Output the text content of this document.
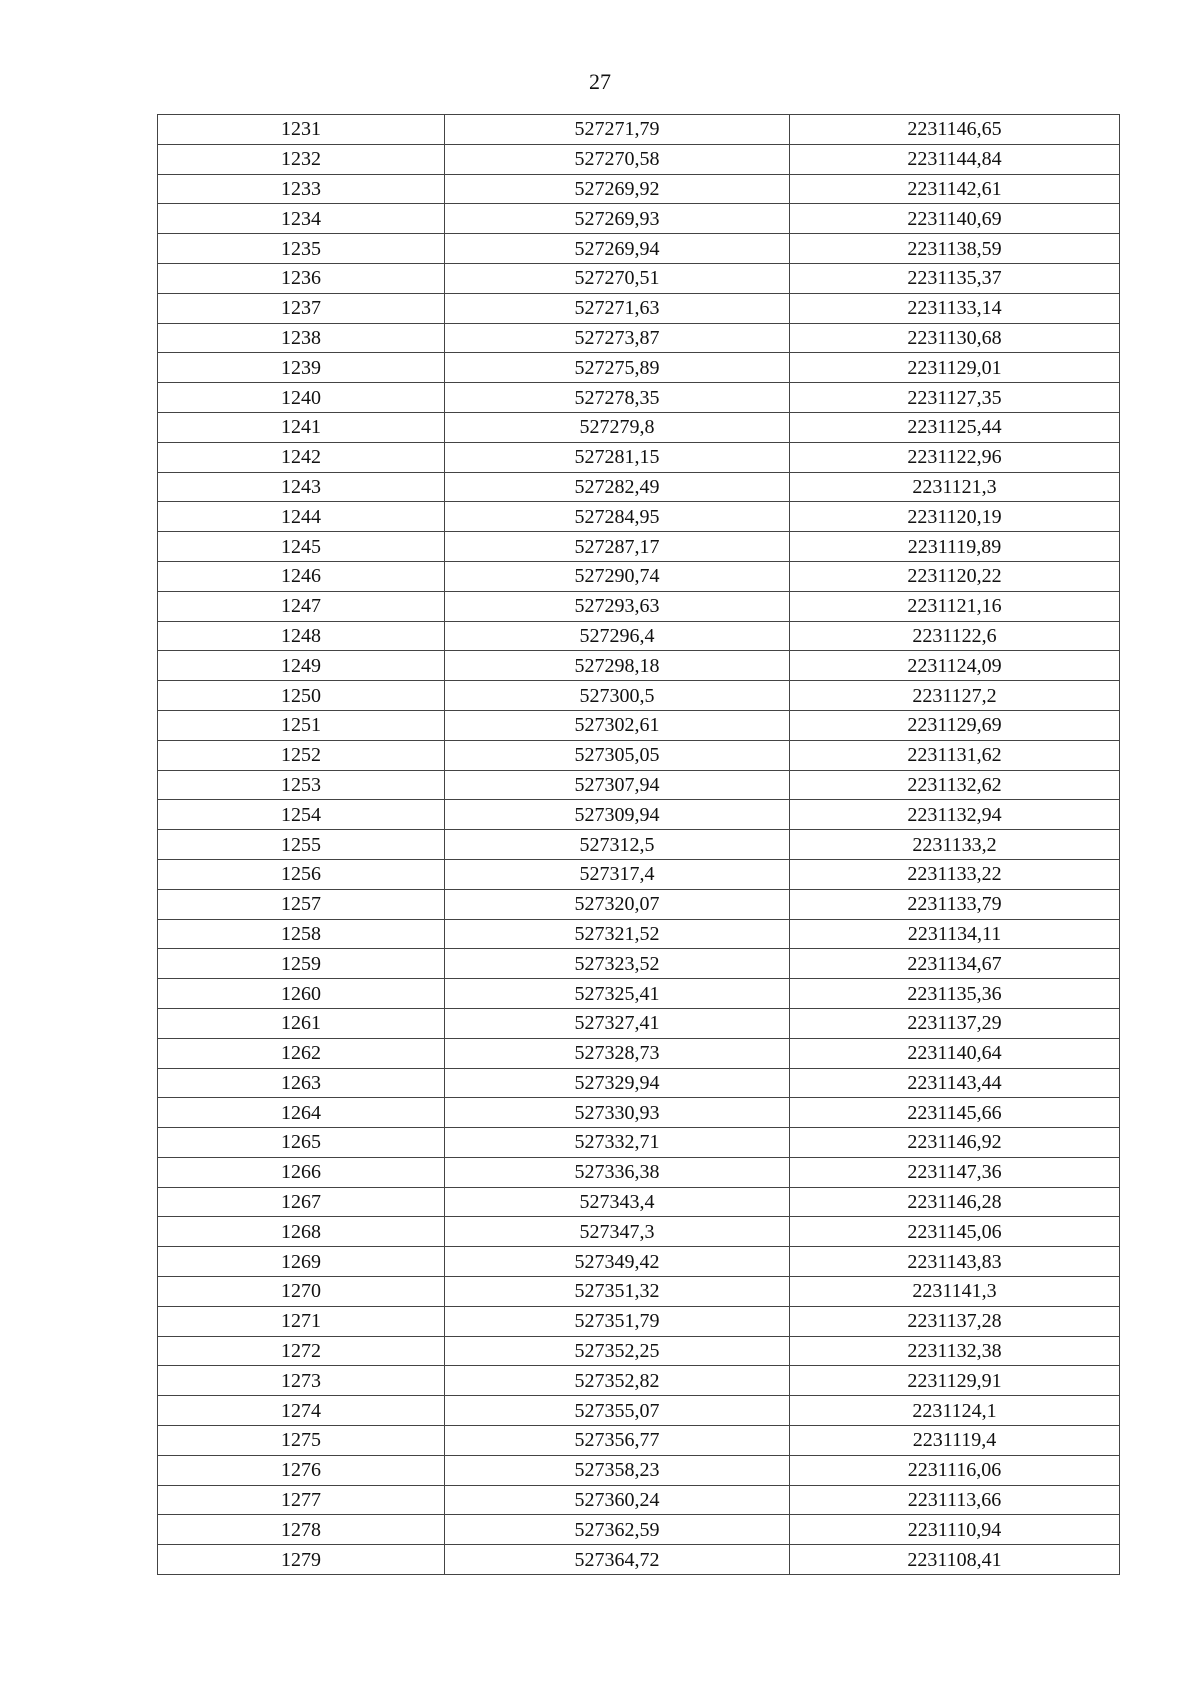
27
1231	527271,79	2231146,65
1232	527270,58	2231144,84
1233	527269,92	2231142,61
1234	527269,93	2231140,69
1235	527269,94	2231138,59
1236	527270,51	2231135,37
1237	527271,63	2231133,14
1238	527273,87	2231130,68
1239	527275,89	2231129,01
1240	527278,35	2231127,35
1241	527279,8	2231125,44
1242	527281,15	2231122,96
1243	527282,49	2231121,3
1244	527284,95	2231120,19
1245	527287,17	2231119,89
1246	527290,74	2231120,22
1247	527293,63	2231121,16
1248	527296,4	2231122,6
1249	527298,18	2231124,09
1250	527300,5	2231127,2
1251	527302,61	2231129,69
1252	527305,05	2231131,62
1253	527307,94	2231132,62
1254	527309,94	2231132,94
1255	527312,5	2231133,2
1256	527317,4	2231133,22
1257	527320,07	2231133,79
1258	527321,52	2231134,11
1259	527323,52	2231134,67
1260	527325,41	2231135,36
1261	527327,41	2231137,29
1262	527328,73	2231140,64
1263	527329,94	2231143,44
1264	527330,93	2231145,66
1265	527332,71	2231146,92
1266	527336,38	2231147,36
1267	527343,4	2231146,28
1268	527347,3	2231145,06
1269	527349,42	2231143,83
1270	527351,32	2231141,3
1271	527351,79	2231137,28
1272	527352,25	2231132,38
1273	527352,82	2231129,91
1274	527355,07	2231124,1
1275	527356,77	2231119,4
1276	527358,23	2231116,06
1277	527360,24	2231113,66
1278	527362,59	2231110,94
1279	527364,72	2231108,41
